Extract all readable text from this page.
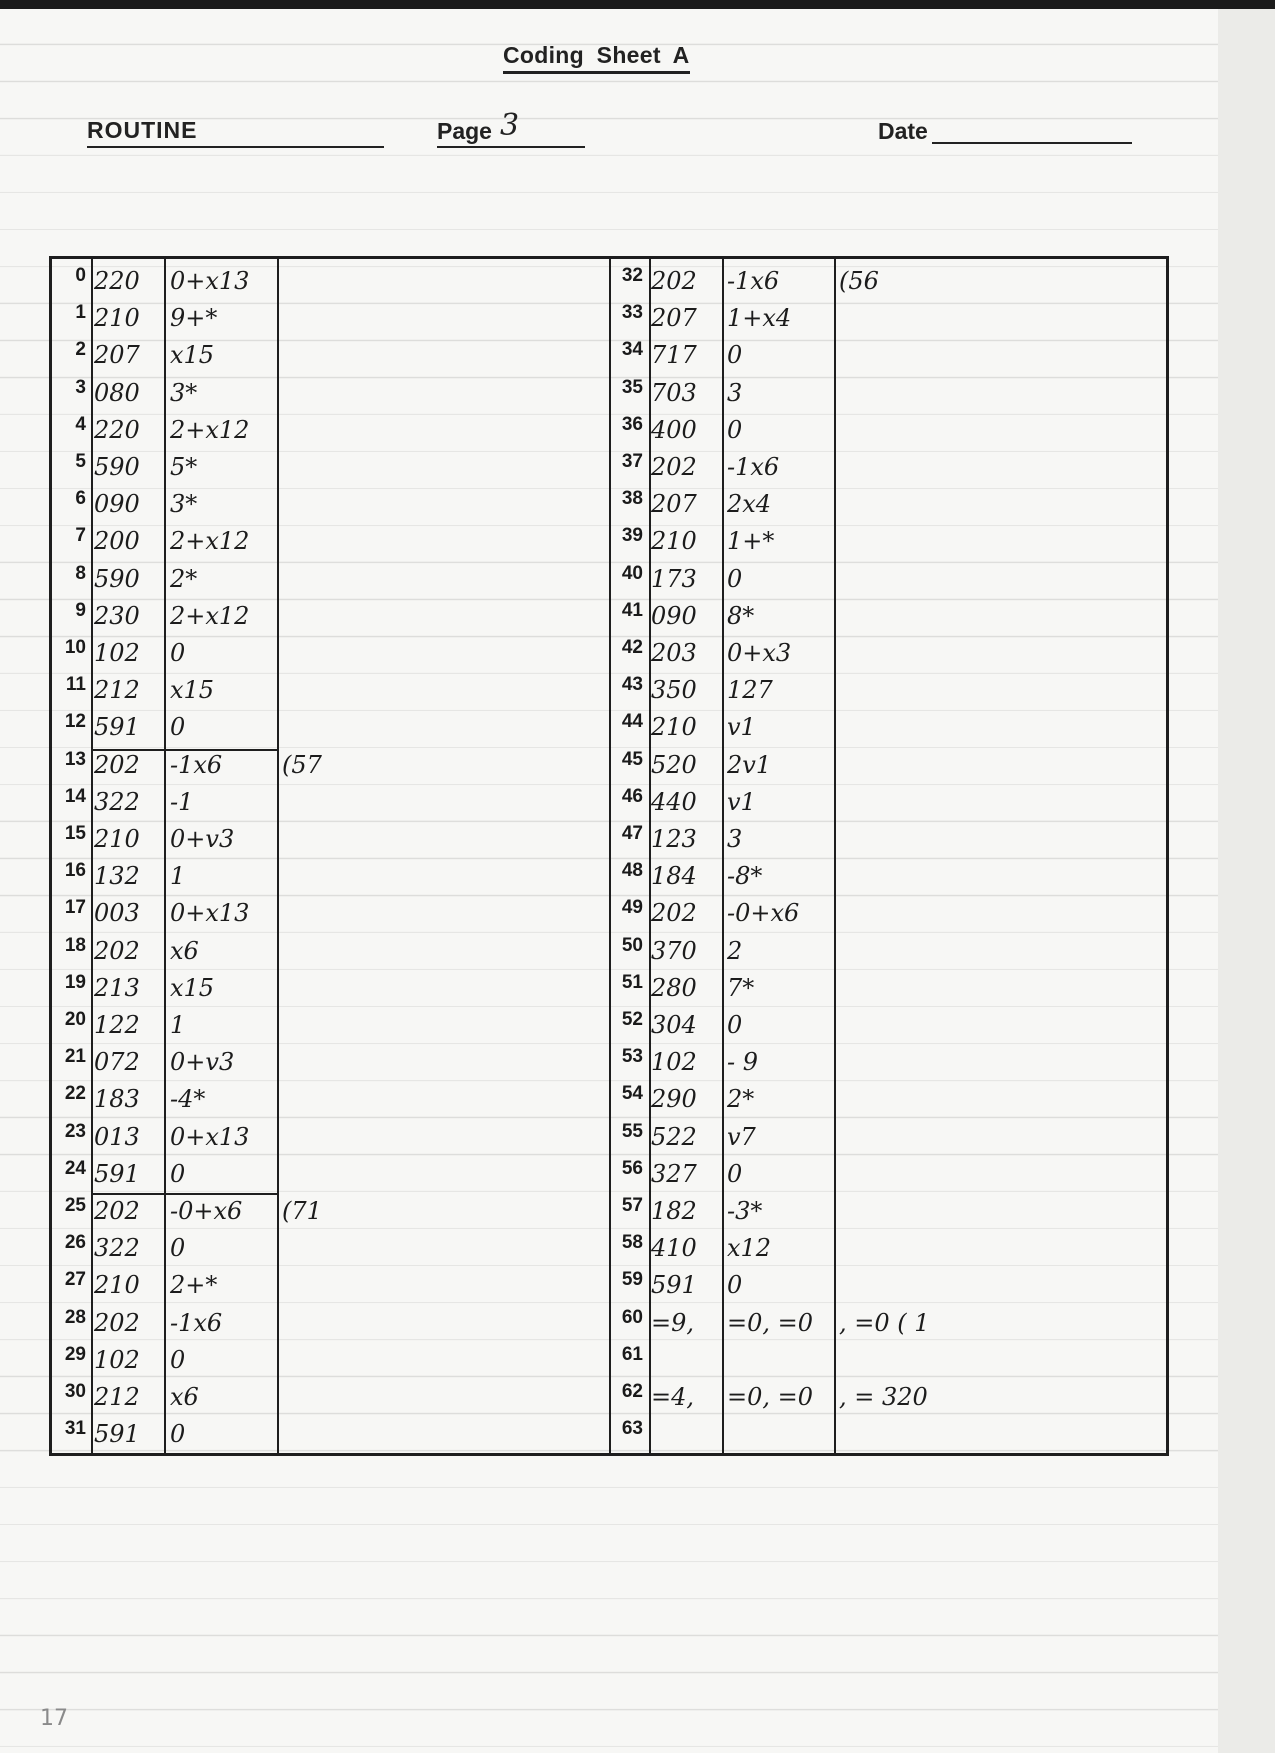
Coding Sheet A
ROUTINE	Page 3	Date
0 220 0+x13
1 210 9+*
2 207 x15
3 080 3*
4 220 2+x12
5 590 5*
6 090 3*
7 200 2+x12
8 590 2*
9 230 2+x12
10 102 0
11 212 x15
12 591 0
13 202 -1x6 (57
14 322 -1
15 210 0+v3
16 132 1
17 003 0+x13
18 202 x6
19 213 x15
20 122 1
21 072 0+v3
22 183 -4*
23 013 0+x13
24 591 0
25 202 -0+x6 (71
26 322 0
27 210 2+*
28 202 -1x6
29 102 0
30 212 x6
31 591 0
32 202 -1x6 (56
33 207 1+x4
34 717 0
35 703 3
36 400 0
37 202 -1x6
38 207 2x4
39 210 1+*
40 173 0
41 090 8*
42 203 0+x3
43 350 127
44 210 v1
45 520 2v1
46 440 v1
47 123 3
48 184 -8*
49 202 -0+x6
50 370 2
51 280 7*
52 304 0
53 102 - 9
54 290 2*
55 522 v7
56 327 0
57 182 -3*
58 410 x12
59 591 0
60 =9, =0, =0 , =0 ( 1
61
62 =4, =0, =0 , = 320
63
17
